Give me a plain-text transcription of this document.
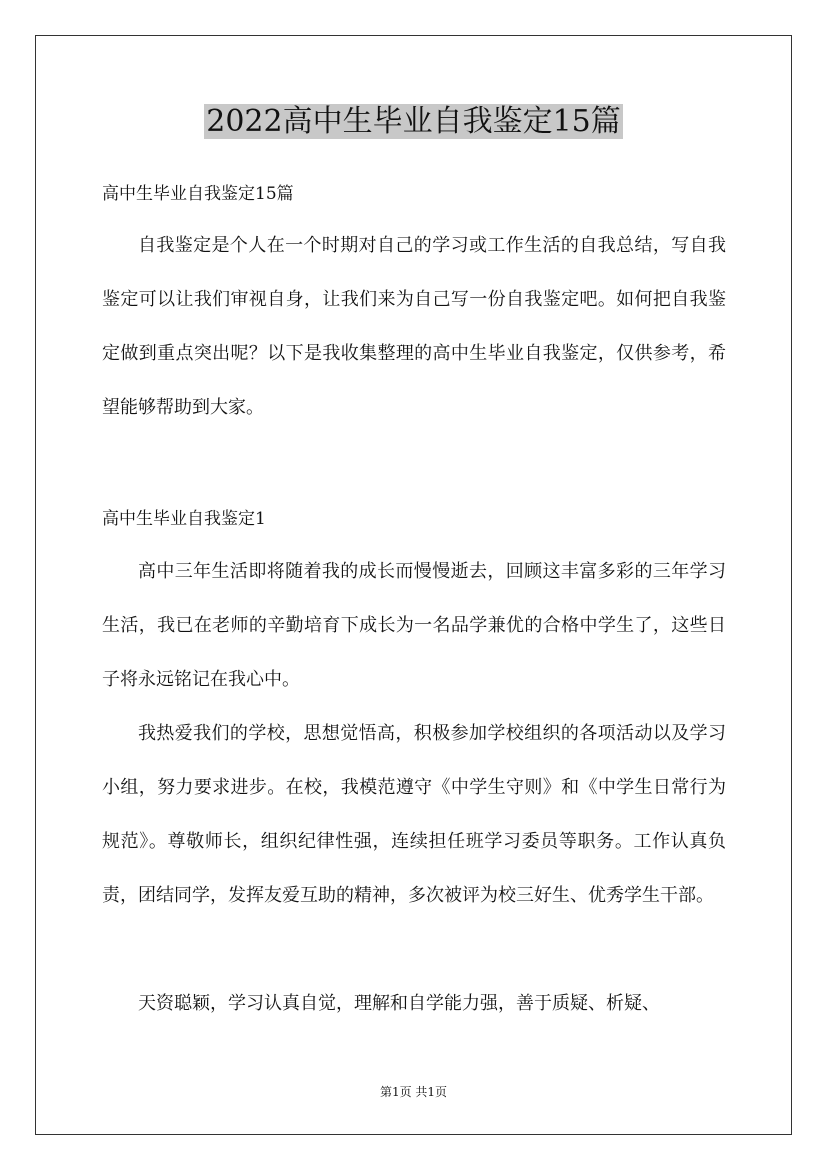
2022高中生毕业自我鉴定15篇
高中生毕业自我鉴定15篇

自我鉴定是个人在一个时期对自己的学习或工作生活的自我总结，写自我鉴定可以让我们审视自身，让我们来为自己写一份自我鉴定吧。如何把自我鉴定做到重点突出呢？以下是我收集整理的高中生毕业自我鉴定，仅供参考，希望能够帮助到大家。

高中生毕业自我鉴定1

高中三年生活即将随着我的成长而慢慢逝去，回顾这丰富多彩的三年学习生活，我已在老师的辛勤培育下成长为一名品学兼优的合格中学生了，这些日子将永远铭记在我心中。

我热爱我们的学校，思想觉悟高，积极参加学校组织的各项活动以及学习小组，努力要求进步。在校，我模范遵守《中学生守则》和《中学生日常行为规范》。尊敬师长，组织纪律性强，连续担任班学习委员等职务。工作认真负责，团结同学，发挥友爱互助的精神，多次被评为校三好生、优秀学生干部。

天资聪颖，学习认真自觉，理解和自学能力强，善于质疑、析疑、

第1页 共1页
